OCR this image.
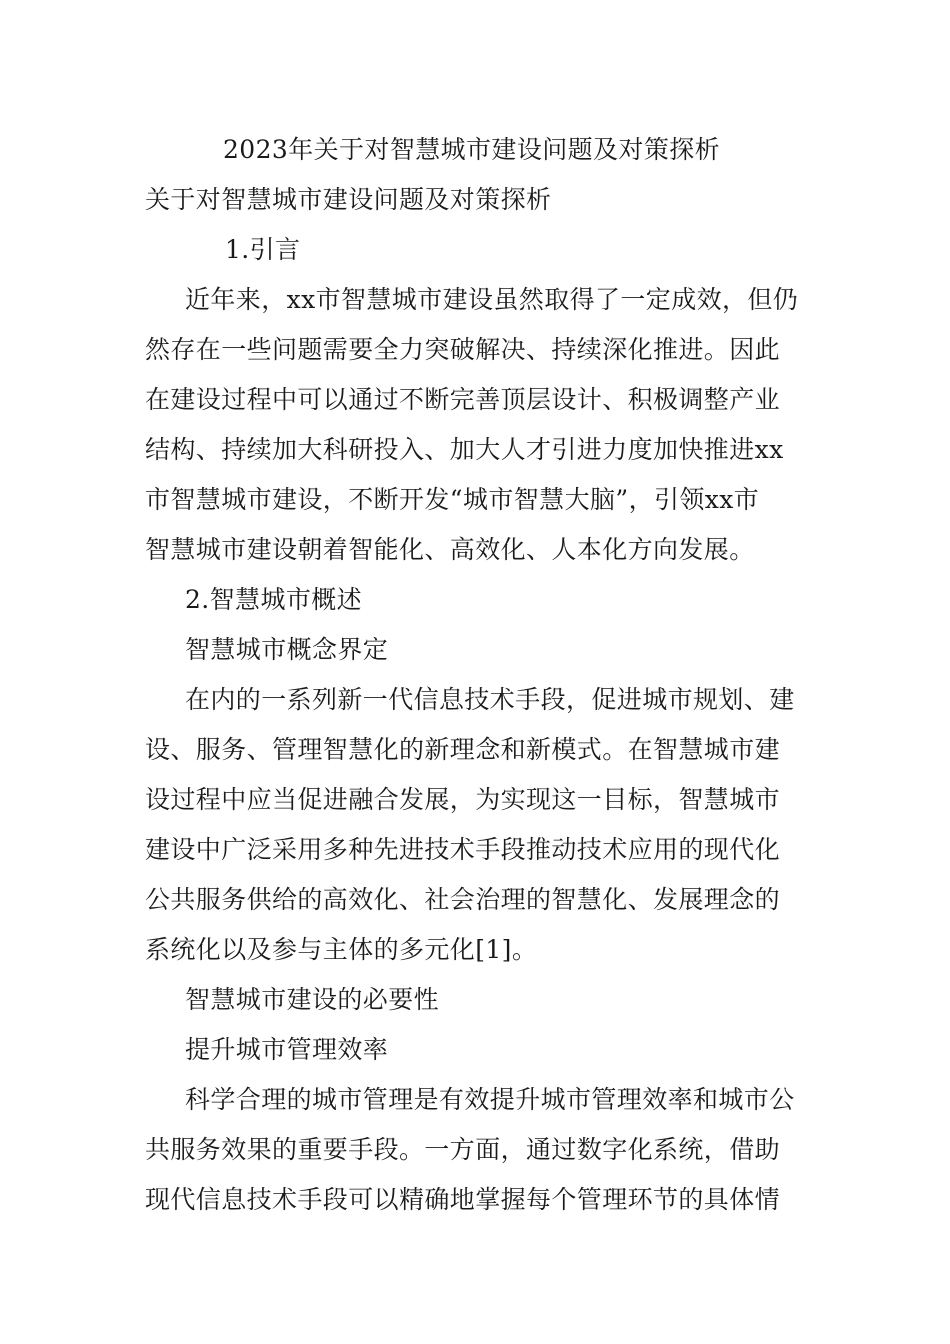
2023年关于对智慧城市建设问题及对策探析
关于对智慧城市建设问题及对策探析
1.引言
近年来，xx市智慧城市建设虽然取得了一定成效，但仍
然存在一些问题需要全力突破解决、持续深化推进。因此
在建设过程中可以通过不断完善顶层设计、积极调整产业
结构、持续加大科研投入、加大人才引进力度加快推进xx
市智慧城市建设，不断开发“城市智慧大脑”，引领xx市
智慧城市建设朝着智能化、高效化、人本化方向发展。
2.智慧城市概述
智慧城市概念界定
在内的一系列新一代信息技术手段，促进城市规划、建
设、服务、管理智慧化的新理念和新模式。在智慧城市建
设过程中应当促进融合发展，为实现这一目标，智慧城市
建设中广泛采用多种先进技术手段推动技术应用的现代化
公共服务供给的高效化、社会治理的智慧化、发展理念的
系统化以及参与主体的多元化[1]。
智慧城市建设的必要性
提升城市管理效率
科学合理的城市管理是有效提升城市管理效率和城市公
共服务效果的重要手段。一方面，通过数字化系统，借助
现代信息技术手段可以精确地掌握每个管理环节的具体情
